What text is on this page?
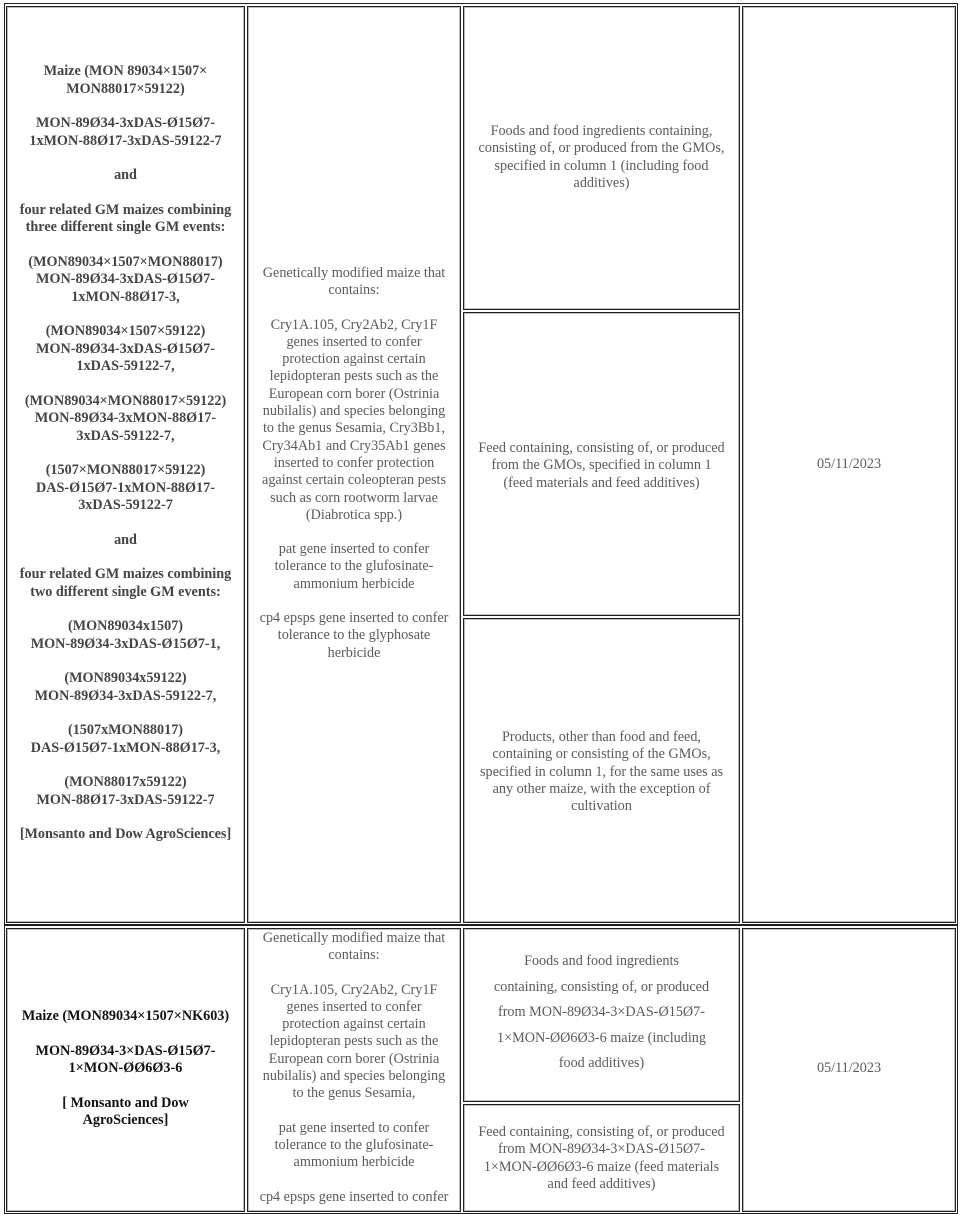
Maize (MON 89034×1507×
MON88017×59122)
MON-89Ø34-3xDAS-Ø15Ø7-
1xMON-88Ø17-3xDAS-59122-7
and
four related GM maizes combining
three different single GM events:
(MON89034×1507×MON88017)
MON-89Ø34-3xDAS-Ø15Ø7-
1xMON-88Ø17-3,
(MON89034×1507×59122)
MON-89Ø34-3xDAS-Ø15Ø7-
1xDAS-59122-7,
(MON89034×MON88017×59122)
MON-89Ø34-3xMON-88Ø17-
3xDAS-59122-7,
(1507×MON88017×59122)
DAS-Ø15Ø7-1xMON-88Ø17-
3xDAS-59122-7
and
four related GM maizes combining
two different single GM events:
(MON89034x1507)
MON-89Ø34-3xDAS-Ø15Ø7-1,
(MON89034x59122)
MON-89Ø34-3xDAS-59122-7,
(1507xMON88017)
DAS-Ø15Ø7-1xMON-88Ø17-3,
(MON88017x59122)
MON-88Ø17-3xDAS-59122-7
[Monsanto and Dow AgroSciences]
Genetically modified maize that
contains:
Cry1A.105, Cry2Ab2, Cry1F
genes inserted to confer
protection against certain
lepidopteran pests such as the
European corn borer (Ostrinia
nubilalis) and species belonging
to the genus Sesamia, Cry3Bb1,
Cry34Ab1 and Cry35Ab1 genes
inserted to confer protection
against certain coleopteran pests
such as corn rootworm larvae
(Diabrotica spp.)
pat gene inserted to confer
tolerance to the glufosinate-
ammonium herbicide
cp4 epsps gene inserted to confer
tolerance to the glyphosate
herbicide
Foods and food ingredients containing,
consisting of, or produced from the GMOs,
specified in column 1 (including food
additives)
Feed containing, consisting of, or produced
from the GMOs, specified in column 1
(feed materials and feed additives)
Products, other than food and feed,
containing or consisting of the GMOs,
specified in column 1, for the same uses as
any other maize, with the exception of
cultivation
05/11/2023
Maize (MON89034×1507×NK603)
MON-89Ø34-3×DAS-Ø15Ø7-
1×MON-ØØ6Ø3-6
[ Monsanto and Dow
AgroSciences]
Genetically modified maize that
contains:
Cry1A.105, Cry2Ab2, Cry1F
genes inserted to confer
protection against certain
lepidopteran pests such as the
European corn borer (Ostrinia
nubilalis) and species belonging
to the genus Sesamia,
pat gene inserted to confer
tolerance to the glufosinate-
ammonium herbicide
cp4 epsps gene inserted to confer
Foods and food ingredients
containing, consisting of, or produced
from MON-89Ø34-3×DAS-Ø15Ø7-
1×MON-ØØ6Ø3-6 maize (including
food additives)
Feed containing, consisting of, or produced
from MON-89Ø34-3×DAS-Ø15Ø7-
1×MON-ØØ6Ø3-6 maize (feed materials
and feed additives)
05/11/2023
